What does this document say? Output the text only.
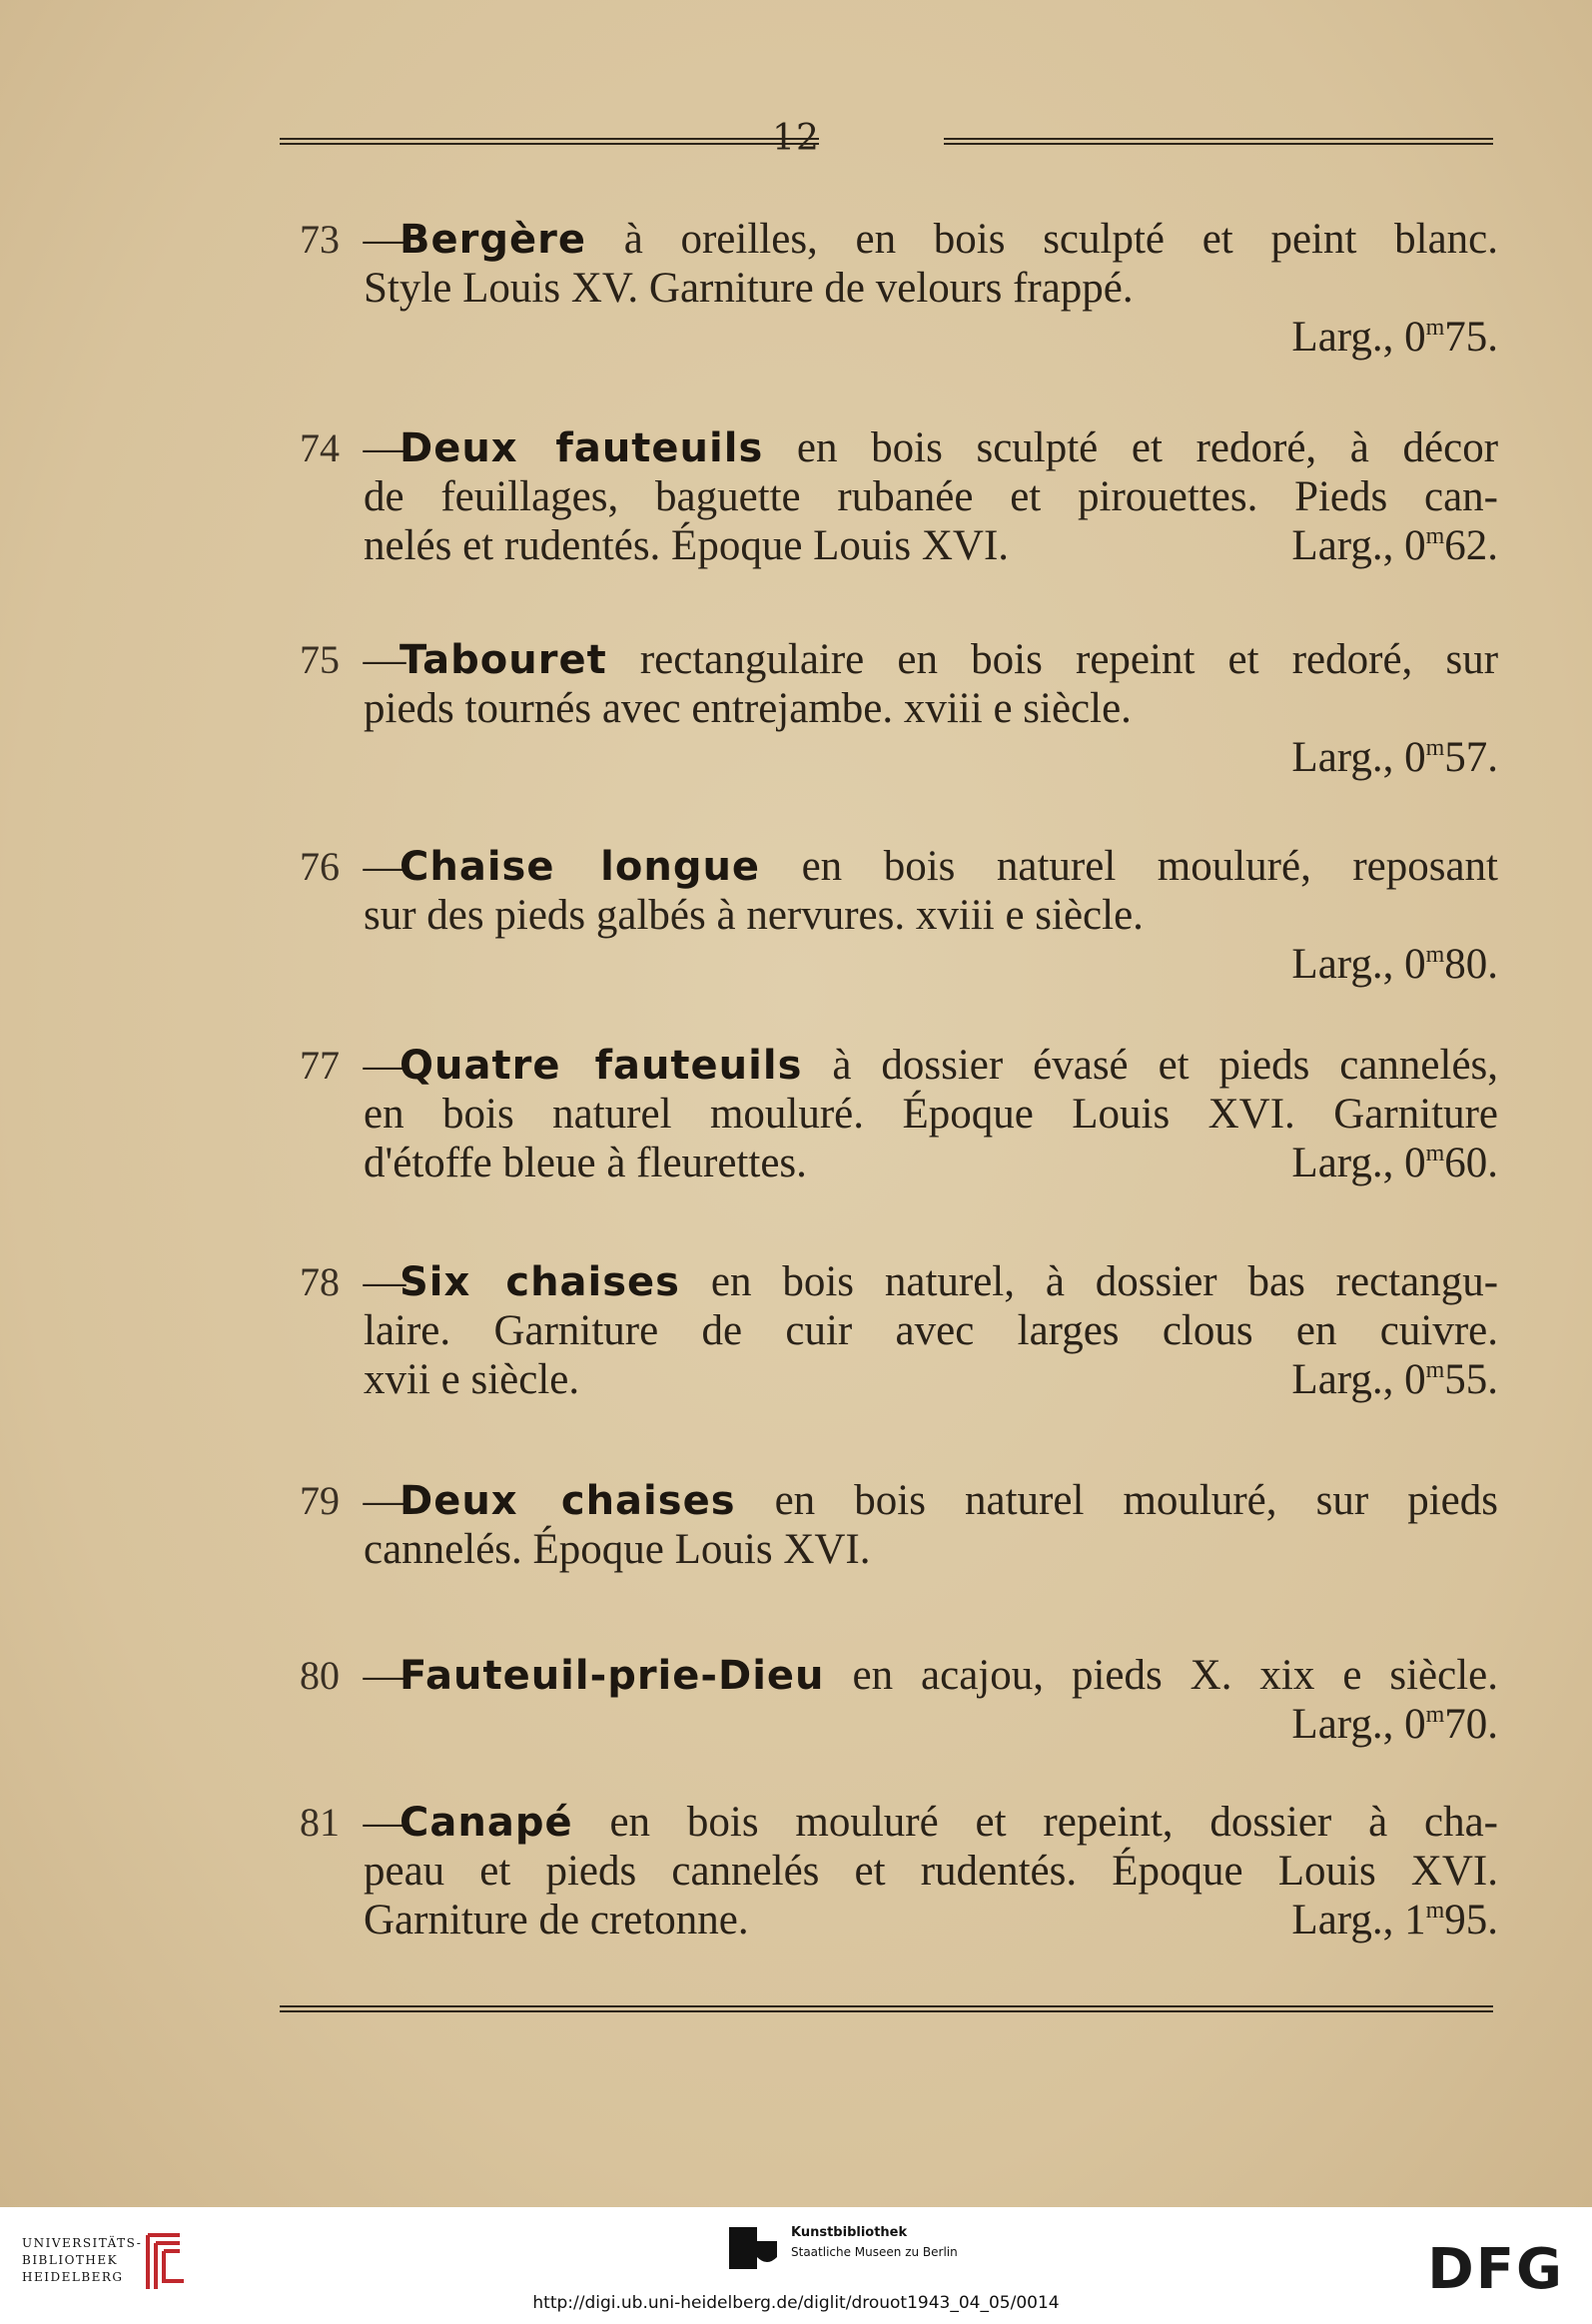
12
73 —
Bergère à oreilles, en bois sculpté et peint blanc.
Style Louis XV. Garniture de velours frappé.
Larg., 0$^m$75.
74 —
Deux fauteuils en bois sculpté et redoré, à décor
de feuillages, baguette rubanée et pirouettes. Pieds can-
nelés et rudentés. Époque Louis XVI.	Larg., 0$^m$62.
75 —
Tabouret rectangulaire en bois repeint et redoré, sur
pieds tournés avec entrejambe. xviii e siècle.
Larg., 0$^m$57.
76 —
Chaise longue en bois naturel mouluré, reposant
sur des pieds galbés à nervures. xviii e siècle.
Larg., 0$^m$80.
77 —
Quatre fauteuils à dossier évasé et pieds cannelés,
en bois naturel mouluré. Époque Louis XVI. Garniture
d'étoffe bleue à fleurettes.	Larg., 0$^m$60.
78 —
Six chaises en bois naturel, à dossier bas rectangu-
laire. Garniture de cuir avec larges clous en cuivre.
xvii e siècle.	Larg., 0$^m$55.
79 —
Deux chaises en bois naturel mouluré, sur pieds
cannelés. Époque Louis XVI.
80 —
Fauteuil-prie-Dieu en acajou, pieds X. xix e siècle.
Larg., 0$^m$70.
81 —
Canapé en bois mouluré et repeint, dossier à cha-
peau et pieds cannelés et rudentés. Époque Louis XVI.
Garniture de cretonne.	Larg., 1$^m$95.
UNIVERSITÄTS-
BIBLIOTHEK
HEIDELBERG
Kunstbibliothek
Staatliche Museen zu Berlin	DFG
http://digi.ub.uni-heidelberg.de/diglit/drouot1943_04_05/0014
